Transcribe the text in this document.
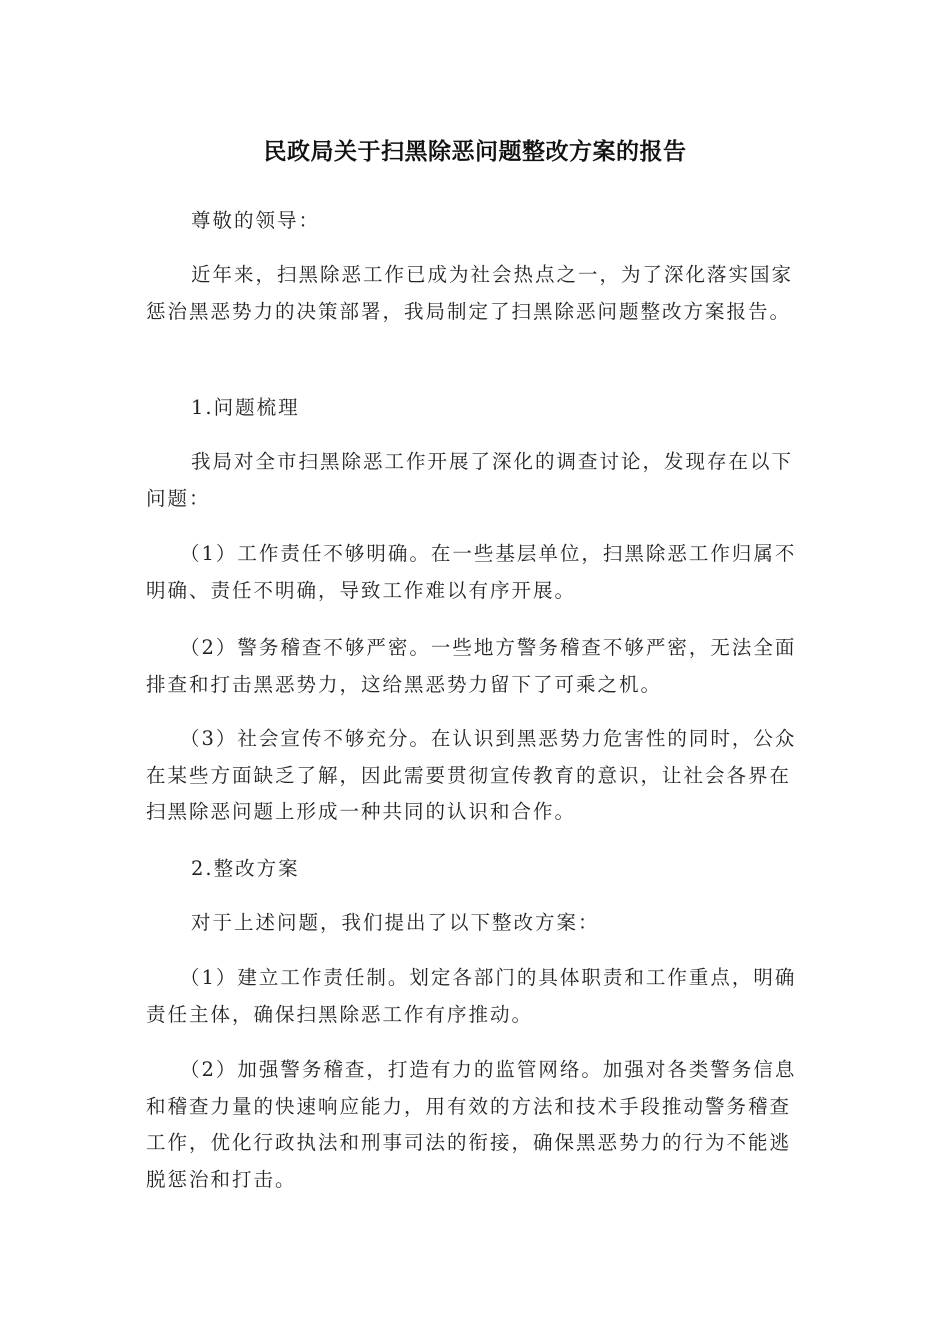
民政局关于扫黑除恶问题整改方案的报告

尊敬的领导：

近年来，扫黑除恶工作已成为社会热点之一，为了深化落实国家惩治黑恶势力的决策部署，我局制定了扫黑除恶问题整改方案报告。

1.问题梳理

我局对全市扫黑除恶工作开展了深化的调查讨论，发现存在以下问题：

（1）工作责任不够明确。在一些基层单位，扫黑除恶工作归属不明确、责任不明确，导致工作难以有序开展。

（2）警务稽查不够严密。一些地方警务稽查不够严密，无法全面排查和打击黑恶势力，这给黑恶势力留下了可乘之机。

（3）社会宣传不够充分。在认识到黑恶势力危害性的同时，公众在某些方面缺乏了解，因此需要贯彻宣传教育的意识，让社会各界在扫黑除恶问题上形成一种共同的认识和合作。

2.整改方案

对于上述问题，我们提出了以下整改方案：

（1）建立工作责任制。划定各部门的具体职责和工作重点，明确责任主体，确保扫黑除恶工作有序推动。

（2）加强警务稽查，打造有力的监管网络。加强对各类警务信息和稽查力量的快速响应能力，用有效的方法和技术手段推动警务稽查工作，优化行政执法和刑事司法的衔接，确保黑恶势力的行为不能逃脱惩治和打击。
